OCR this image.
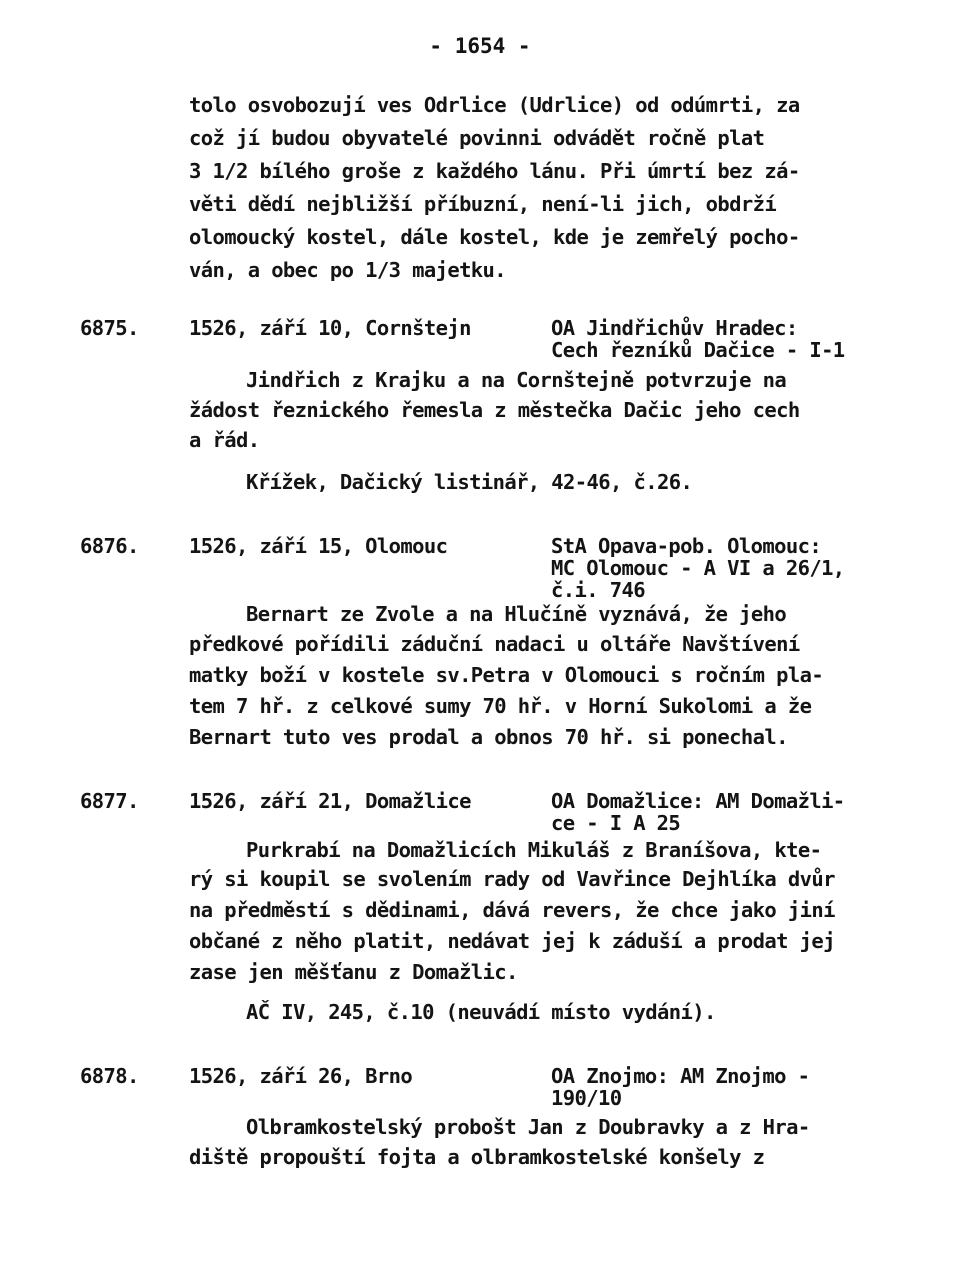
- 1654 -
tolo osvobozují ves Odrlice (Udrlice) od odúmrti, za
což jí budou obyvatelé povinni odvádět ročně plat
3 1/2 bílého groše z každého lánu. Při úmrtí bez zá-
věti dědí nejbližší příbuzní, není-li jich, obdrží
olomoucký kostel, dále kostel, kde je zemřelý pocho-
ván, a obec po 1/3 majetku.
6875. 1526, září 10, Cornštejn	OA Jindřichův Hradec:
Cech řezníků Dačice - I-1
Jindřich z Krajku a na Cornštejně potvrzuje na
žádost řeznického řemesla z městečka Dačic jeho cech
a řád.
Křížek, Dačický listinář, 42-46, č.26.
6876. 1526, září 15, Olomouc	StA Opava-pob. Olomouc:
MC Olomouc - A VI a 26/1,
č.i. 746
Bernart ze Zvole a na Hlučíně vyznává, že jeho
předkové pořídili záduční nadaci u oltáře Navštívení
matky boží v kostele sv.Petra v Olomouci s ročním pla-
tem 7 hř. z celkové sumy 70 hř. v Horní Sukolomi a že
Bernart tuto ves prodal a obnos 70 hř. si ponechal.
6877. 1526, září 21, Domažlice	OA Domažlice: AM Domažli-
ce - I A 25
Purkrabí na Domažlicích Mikuláš z Braníšova, kte-
rý si koupil se svolením rady od Vavřince Dejhlíka dvůr
na předměstí s dědinami, dává revers, že chce jako jiní
občané z něho platit, nedávat jej k záduší a prodat jej
zase jen měšťanu z Domažlic.
AČ IV, 245, č.10 (neuvádí místo vydání).
6878. 1526, září 26, Brno	OA Znojmo: AM Znojmo -
190/10
Olbramkostelský probošt Jan z Doubravky a z Hra-
diště propouští fojta a olbramkostelské konšely z
